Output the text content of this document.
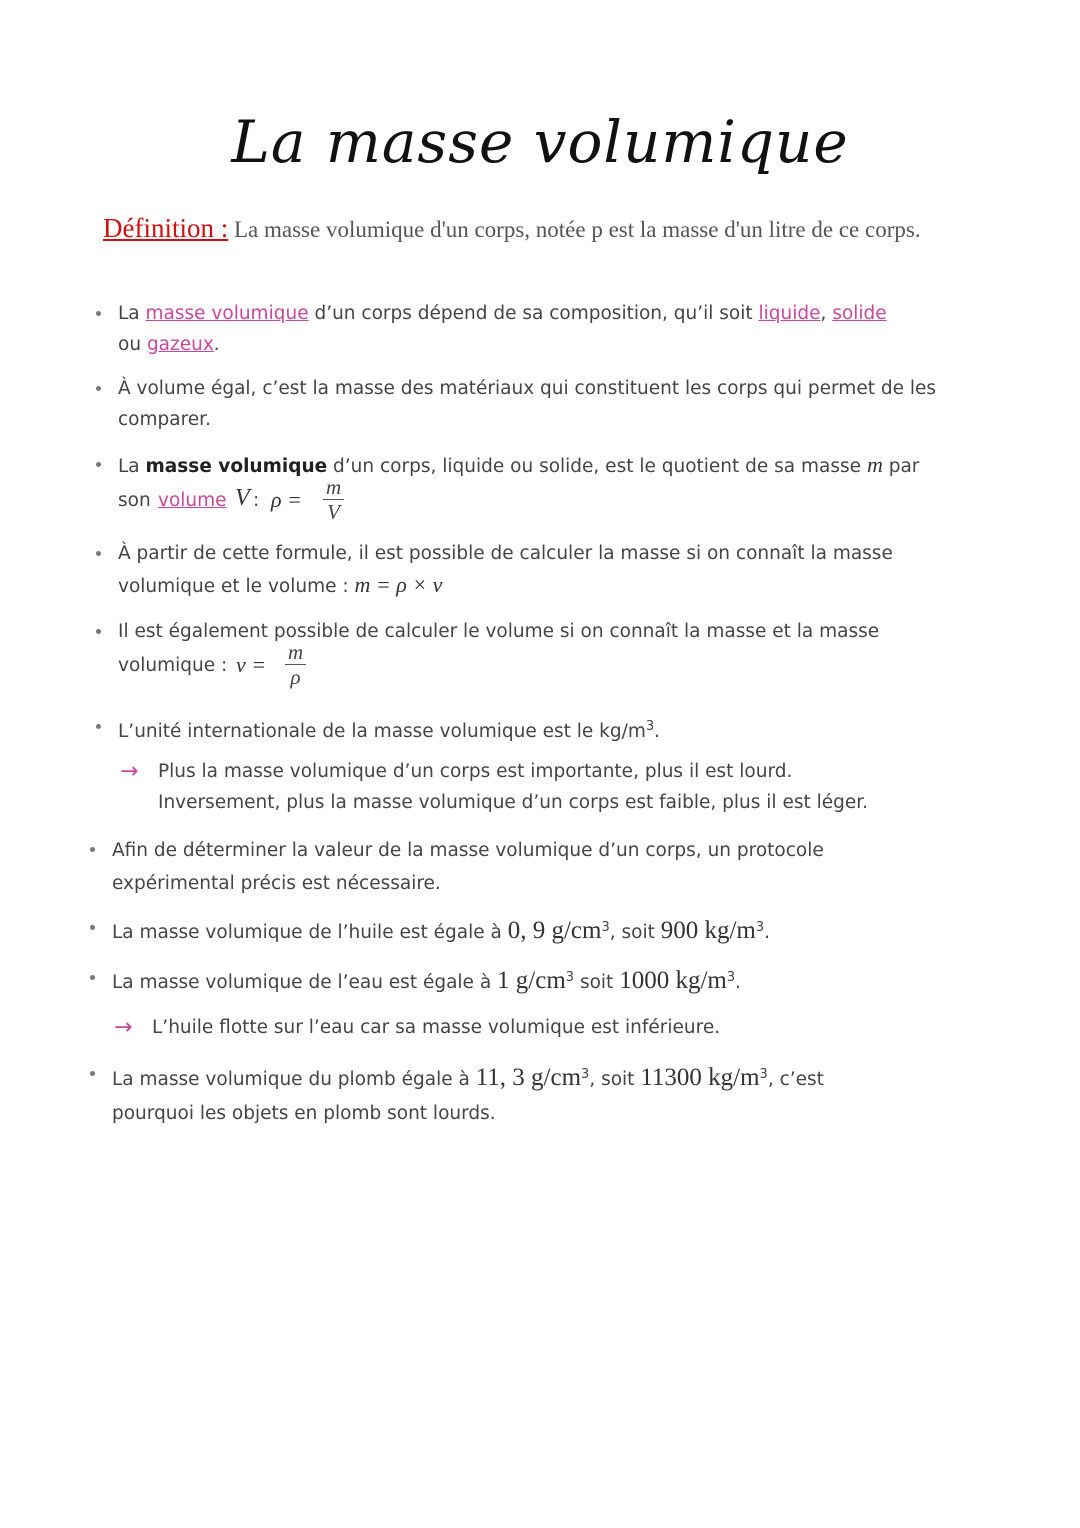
La masse volumique
Définition : La masse volumique d'un corps, notée p est la masse d'un litre de ce corps.
La masse volumique d’un corps dépend de sa composition, qu’il soit liquide, solide
ou gazeux.
À volume égal, c’est la masse des matériaux qui constituent les corps qui permet de les comparer.
La masse volumique d’un corps, liquide ou solide, est le quotient de sa masse m par
son volume V : $\rho = \frac{m}{V}$
À partir de cette formule, il est possible de calculer la masse si on connaît la masse
volumique et le volume : m = ρ × v
Il est également possible de calculer le volume si on connaît la masse et la masse
volumique : $v = \frac{m}{\rho}$
L’unité internationale de la masse volumique est le $kg/m^3$.
→ Plus la masse volumique d’un corps est importante, plus il est lourd.
Inversement, plus la masse volumique d’un corps est faible, plus il est léger.
Afin de déterminer la valeur de la masse volumique d’un corps, un protocole
expérimental précis est nécessaire.
La masse volumique de l’huile est égale à 0, 9 $g/cm^3$, soit 900 $kg/m^3$.
La masse volumique de l’eau est égale à 1 $g/cm^3$ soit 1000 $kg/m^3$.
→ L’huile flotte sur l’eau car sa masse volumique est inférieure.
La masse volumique du plomb égale à 11, 3 $g/cm^3$, soit 11300 $kg/m^3$, c’est
pourquoi les objets en plomb sont lourds.
